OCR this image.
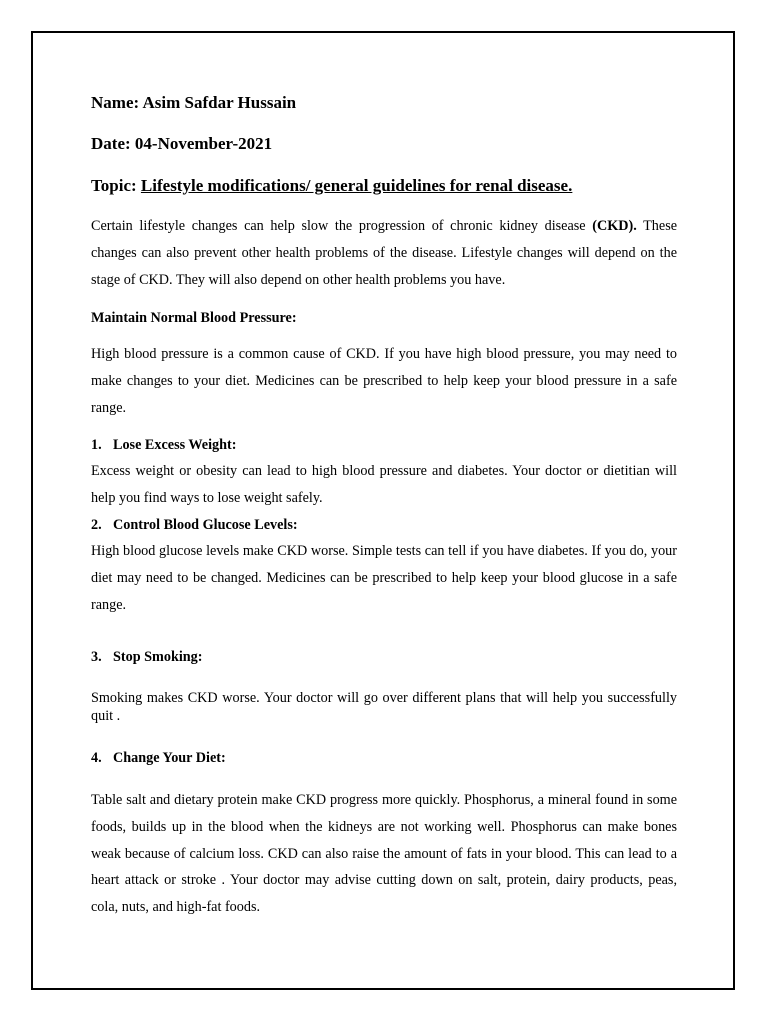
Name: Asim Safdar Hussain
Date: 04-November-2021
Topic: Lifestyle modifications/ general guidelines for renal disease.
Certain lifestyle changes can help slow the progression of chronic kidney disease (CKD). These changes can also prevent other health problems of the disease. Lifestyle changes will depend on the stage of CKD. They will also depend on other health problems you have.
Maintain Normal Blood Pressure:
High blood pressure is a common cause of CKD. If you have high blood pressure, you may need to make changes to your diet. Medicines can be prescribed to help keep your blood pressure in a safe range.
1. Lose Excess Weight:
Excess weight or obesity can lead to high blood pressure and diabetes. Your doctor or dietitian will help you find ways to lose weight safely.
2. Control Blood Glucose Levels:
High blood glucose levels make CKD worse. Simple tests can tell if you have diabetes. If you do, your diet may need to be changed. Medicines can be prescribed to help keep your blood glucose in a safe range.
3. Stop Smoking:
Smoking makes CKD worse. Your doctor will go over different plans that will help you successfully quit .
4. Change Your Diet:
Table salt and dietary protein make CKD progress more quickly. Phosphorus, a mineral found in some foods, builds up in the blood when the kidneys are not working well. Phosphorus can make bones weak because of calcium loss. CKD can also raise the amount of fats in your blood. This can lead to a heart attack or stroke . Your doctor may advise cutting down on salt, protein, dairy products, peas, cola, nuts, and high-fat foods.
